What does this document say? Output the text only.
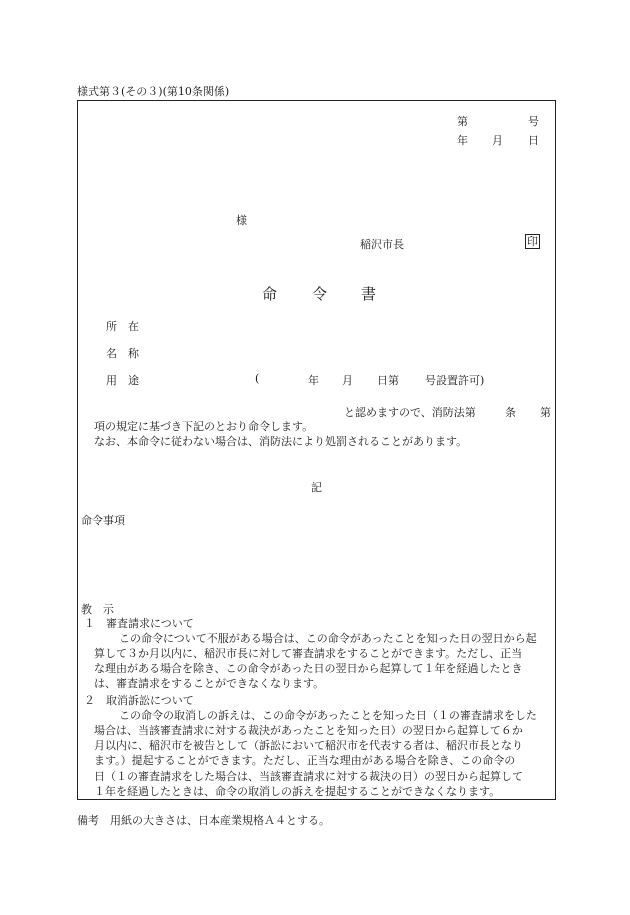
様式第３(その３)(第10条関係)
第	号
年 月 日
様
稲沢市長	印
命 令 書
所　在
名　称
用　途	(	年 月 日第 号設置許可)
と認めますので、消防法第	条 第
項の規定に基づき下記のとおり命令します。
なお、本命令に従わない場合は、消防法により処罰されることがあります。
記
命令事項
教　示
１　審査請求について
この命令について不服がある場合は、この命令があったことを知った日の翌日から起
算して３か月以内に、稲沢市長に対して審査請求をすることができます。ただし、正当
な理由がある場合を除き、この命令があった日の翌日から起算して１年を経過したとき
は、審査請求をすることができなくなります。
２　取消訴訟について
この命令の取消しの訴えは、この命令があったことを知った日（１の審査請求をした
場合は、当該審査請求に対する裁決があったことを知った日）の翌日から起算して６か
月以内に、稲沢市を被告として（訴訟において稲沢市を代表する者は、稲沢市長となり
ます。）提起することができます。ただし、正当な理由がある場合を除き、この命令の
日（１の審査請求をした場合は、当該審査請求に対する裁決の日）の翌日から起算して
１年を経過したときは、命令の取消しの訴えを提起することができなくなります。
備考　用紙の大きさは、日本産業規格Ａ４とする。
